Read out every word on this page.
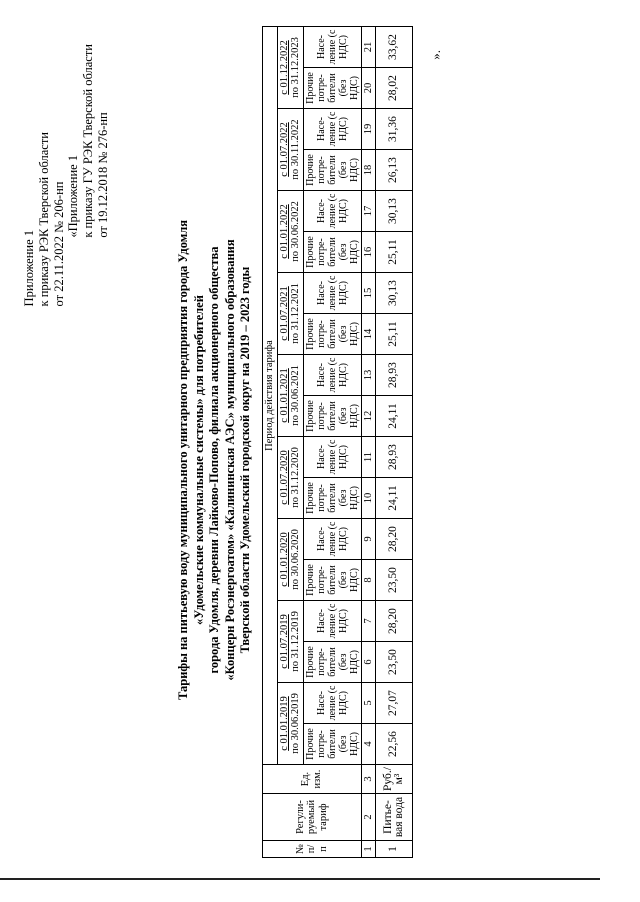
Приложение 1 к приказу РЭК Тверской области от 22.11.2022 № 206-нп «Приложение 1 к приказу ГУ РЭК Тверской области от 19.12.2018 № 276-нп
Тарифы на питьевую воду муниципального унитарного предприятия города Удомля «Удомельские коммунальные системы» для потребителей города Удомля, деревни Лайково-Попово, филиала акционерного общества «Концерн Росэнергоатом» «Калининская АЭС» муниципального образования Тверской области Удомельский городской округ на 2019 – 2023 годы
№ п/п	Регули-руемый тариф	Ед. изм.	Период действия тарифа																	

			с 01.01.2019 по 30.06.2019		с 01.07.2019 по 31.12.2019		с 01.01.2020 по 30.06.2020		с 01.07.2020 по 31.12.2020		с 01.01.2021 по 30.06.2021		с 01.07.2021 по 31.12.2021		с 01.01.2022 по 30.06.2022		с 01.07.2022 по 30.11.2022		с 01.12.2022 по 31.12.2023	

			Прочие потре-бители (без НДС)	Насе-ление (с НДС)	Прочие потре-бители (без НДС)	Насе-ление (с НДС)	Прочие потре-бители (без НДС)	Насе-ление (с НДС)	Прочие потре-бители (без НДС)	Насе-ление (с НДС)	Прочие потре-бители (без НДС)	Насе-ление (с НДС)	Прочие потре-бители (без НДС)	Насе-ление (с НДС)	Прочие потре-бители (без НДС)	Насе-ление (с НДС)	Прочие потре-бители (без НДС)	Насе-ление (с НДС)	Прочие потре-бители (без НДС)	Насе-ление (с НДС)
1	2	3	4	5	6	7	8	9	10	11	12	13	14	15	16	17	18	19	20	21
1	Питье-вая вода	Руб./м³	22,56	27,07	23,50	28,20	23,50	28,20	24,11	28,93	24,11	28,93	25,11	30,13	25,11	30,13	26,13	31,36	28,02	33,62 ».
